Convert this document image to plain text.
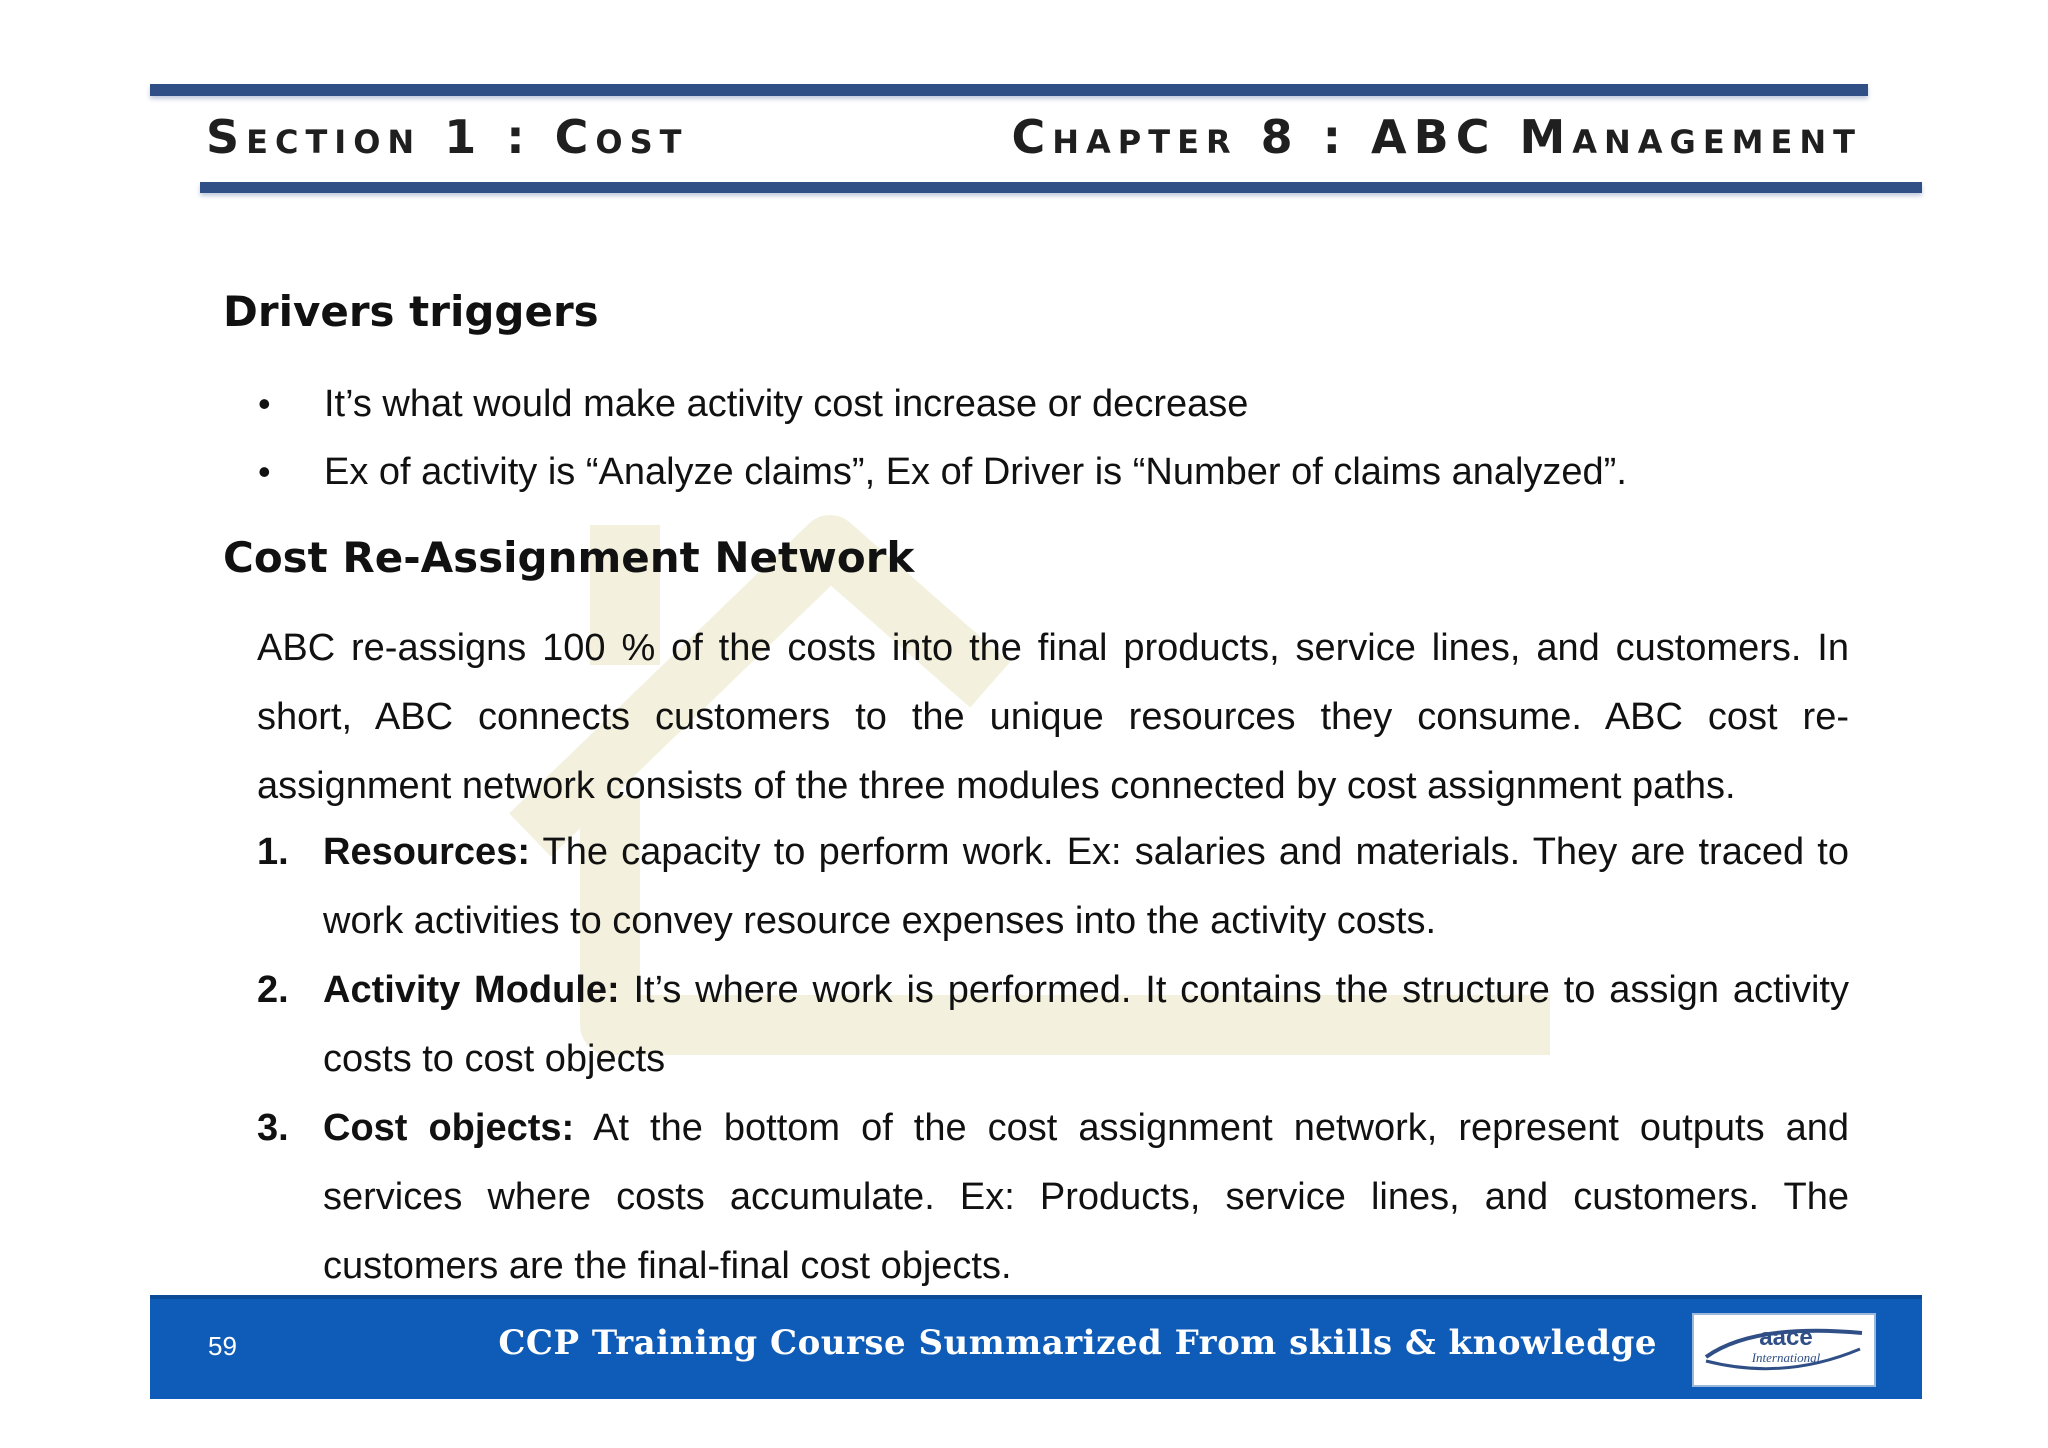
Section 1 : Cost	Chapter 8 : ABC Management
Drivers triggers
• It’s what would make activity cost increase or decrease
• Ex of activity is “Analyze claims”, Ex of Driver is “Number of claims analyzed”.
Cost Re-Assignment Network
ABC re-assigns 100 % of the costs into the final products, service lines, and customers. In short, ABC connects customers to the unique resources they consume. ABC cost re-assignment network consists of the three modules connected by cost assignment paths.
1. Resources: The capacity to perform work. Ex: salaries and materials. They are traced to work activities to convey resource expenses into the activity costs.
2. Activity Module: It’s where work is performed. It contains the structure to assign activity costs to cost objects
3. Cost objects: At the bottom of the cost assignment network, represent outputs and services where costs accumulate. Ex: Products, service lines, and customers. The customers are the final-final cost objects.
59	CCP Training Course Summarized From skills & knowledge	aace
International
